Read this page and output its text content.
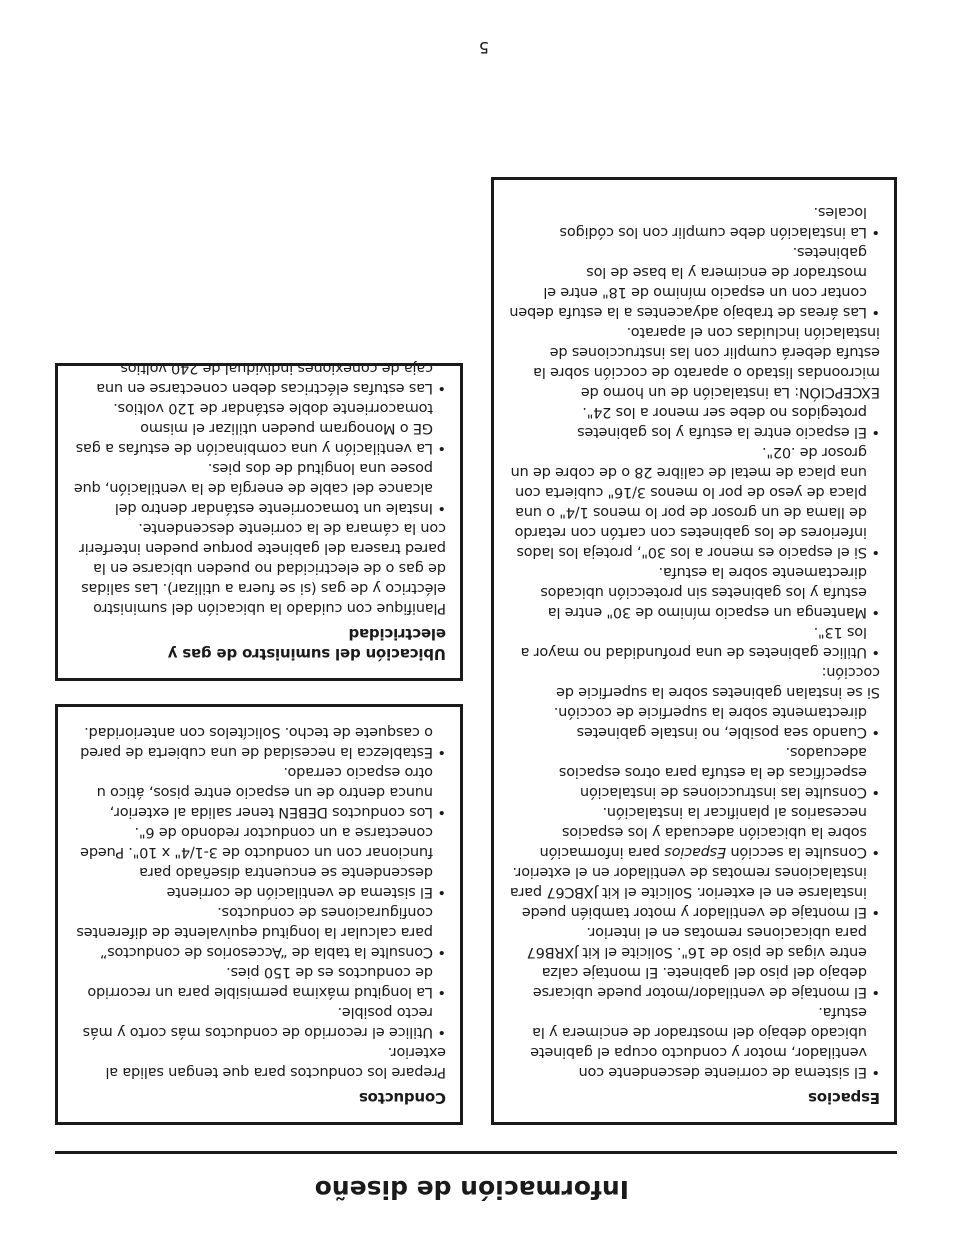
Información de diseño
Espacios
• El sistema de corriente descendente con ventilador, motor y conducto ocupa el gabinete ubicado debajo del mostrador de encimera y la estufa.
• El montaje de ventilador/motor puede ubicarse debajo del piso del gabinete. El montaje calza entre vigas de piso de 16". Solicite el kit JXRB67 para ubicaciones remotas en el interior.
• El montaje de ventilador y motor también puede instalarse en el exterior. Solicite el kit JXBC67 para instalaciones remotas de ventilador en el exterior.
• Consulte la sección Espacios para información sobre la ubicación adecuada y los espacios necesarios al planificar la instalación.
• Consulte las instrucciones de instalación específicas de la estufa para otros espacios adecuados.
• Cuando sea posible, no instale gabinetes directamente sobre la superficie de cocción.

Si se instalan gabinetes sobre la superficie de cocción:

• Utilice gabinetes de una profundidad no mayor a los 13".
• Mantenga un espacio mínimo de 30" entre la estufa y los gabinetes sin protección ubicados directamente sobre la estufa.
• Si el espacio es menor a los 30", proteja los lados inferiores de los gabinetes con cartón con retardo de llama de un grosor de por lo menos 1/4" o una placa de yeso de por lo menos 3/16" cubierta con una placa de metal de calibre 28 o de cobre de un grosor de .02".
• El espacio entre la estufa y los gabinetes protegidos no debe ser menor a los 24".

EXCEPCIÓN: La instalación de un horno de microondas listado o aparato de cocción sobre la estufa deberá cumplir con las instrucciones de instalación incluidas con el aparato.

• Las áreas de trabajo adyacentes a la estufa deben contar con un espacio mínimo de 18" entre el mostrador de encimera y la base de los gabinetes.
• La instalación debe cumplir con los códigos locales.
Conductos

Prepare los conductos para que tengan salida al exterior.

• Utilice el recorrido de conductos más corto y más recto posible.
• La longitud máxima permisible para un recorrido de conductos es de 150 pies.
• Consulte la tabla de “Accesorios de conductos” para calcular la longitud equivalente de diferentes configuraciones de conductos.
• El sistema de ventilación de corriente descendente se encuentra diseñado para funcionar con un conducto de 3-1/4" x 10". Puede conectarse a un conductor redondo de 6".
• Los conductos DEBEN tener salida al exterior, nunca dentro de un espacio entre pisos, ático u otro espacio cerrado.
• Establezca la necesidad de una cubierta de pared o casquete de techo. Solicítelos con anterioridad.
Ubicación del suministro de gas y electricidad

Planifique con cuidado la ubicación del suministro eléctrico y de gas (si se fuera a utilizar). Las salidas de gas o de electricidad no pueden ubicarse en la pared trasera del gabinete porque pueden interferir con la cámara de la corriente descendente.

• Instale un tomacorriente estándar dentro del alcance del cable de energía de la ventilación, que posee una longitud de dos pies.
• La ventilación y una combinación de estufas a gas GE o Monogram pueden utilizar el mismo tomacorriente doble estándar de 120 voltios.
• Las estufas eléctricas deben conectarse en una caja de conexiones individual de 240 voltios.

5
